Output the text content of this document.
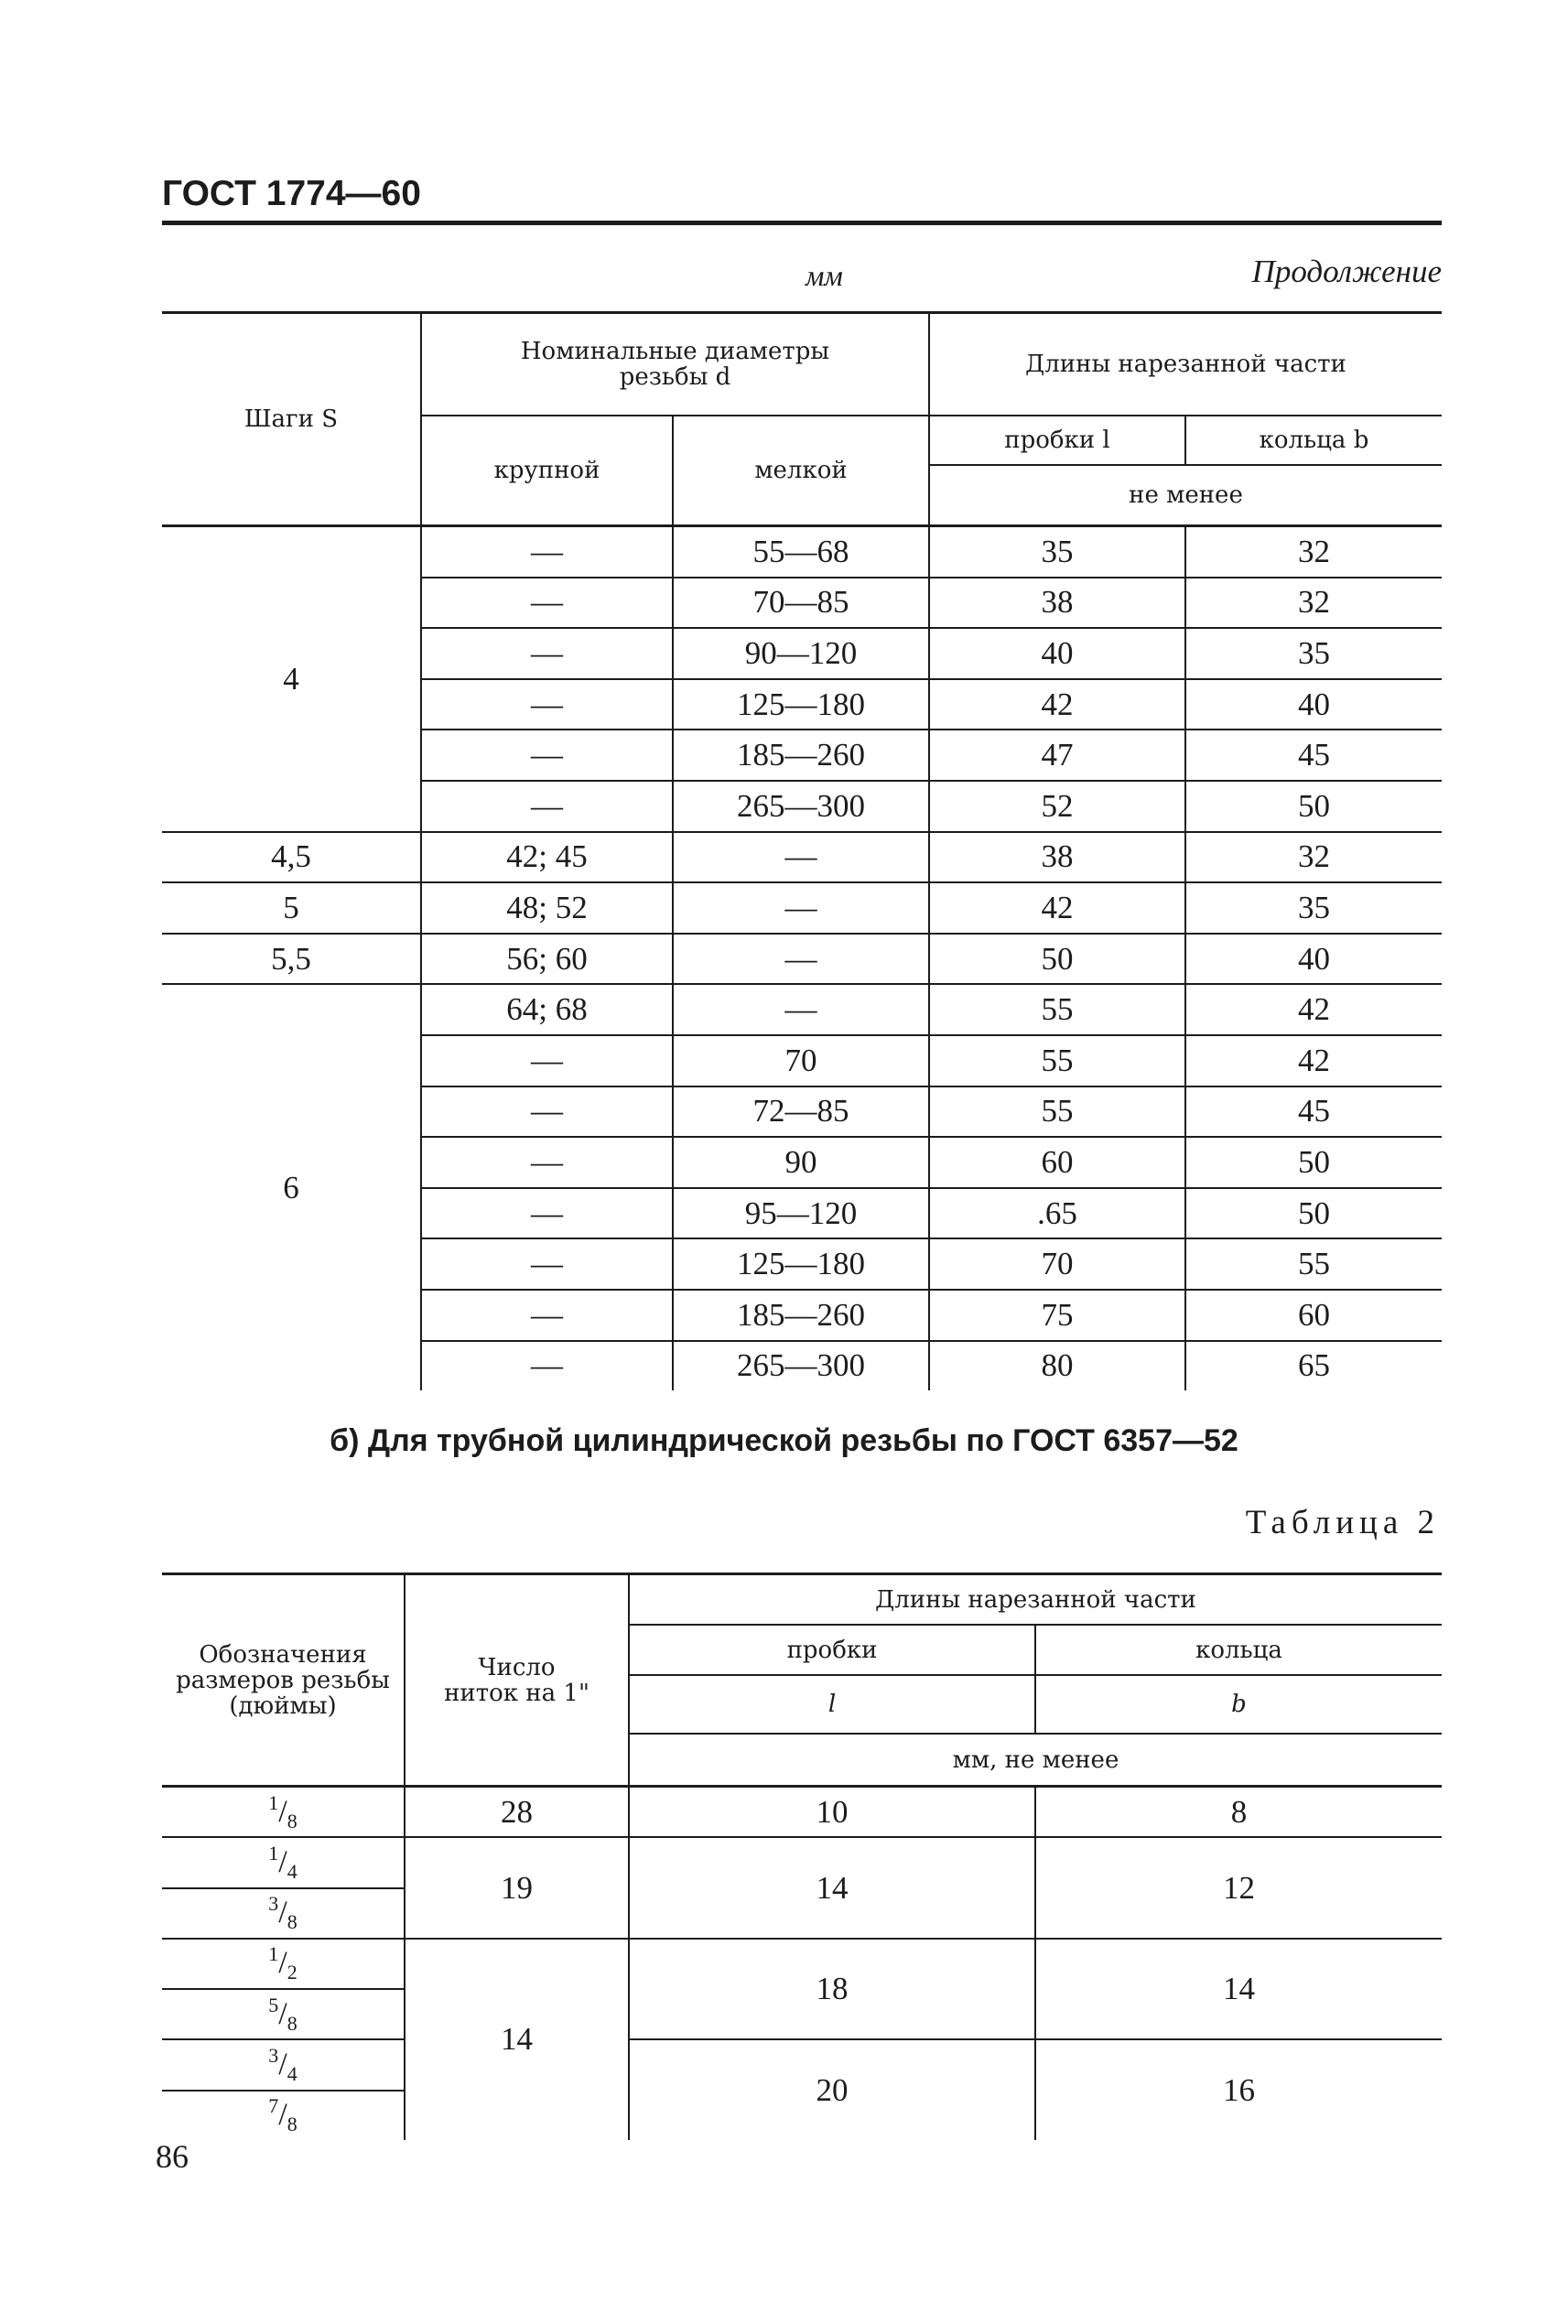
ГОСТ 1774—60
мм	Продолжение
Шаги S	Номинальные диаметры резьбы d		Длины нарезанной части	
	крупной	мелкой	пробки l	кольца b
			не менее	
4	—	55—68	35	32
	—	70—85	38	32
	—	90—120	40	35
	—	125—180	42	40
	—	185—260	47	45
	—	265—300	52	50
4,5	42; 45	—	38	32
5	48; 52	—	42	35
5,5	56; 60	—	50	40
6	64; 68	—	55	42
	—	70	55	42
	—	72—85	55	45
	—	90	60	50
	—	95—120	.65	50
	—	125—180	70	55
	—	185—260	75	60
	—	265—300	80	65
б) Для трубной цилиндрической резьбы по ГОСТ 6357—52
Таблица 2
Обозначения размеров резьбы (дюймы)	Число ниток на 1"	Длины нарезанной части	
		пробки	кольца
		l	b
		мм, не менее	
$^1/_8$	28	10	8
$^1/_4$	19	14	12
$^3/_8$
$^1/_2$	14	18	14
$^5/_8$
$^3/_4$		20	16
$^7/_8$
86
